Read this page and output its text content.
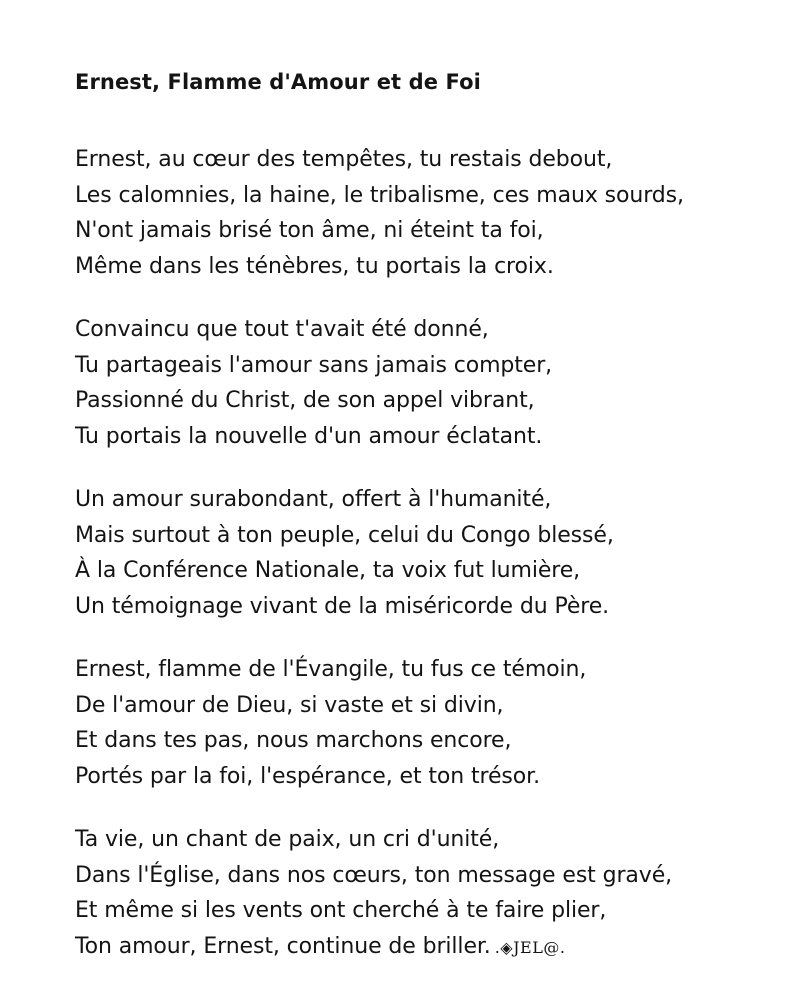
Ernest, Flamme d'Amour et de Foi
Ernest, au cœur des tempêtes, tu restais debout,
Les calomnies, la haine, le tribalisme, ces maux sourds,
N'ont jamais brisé ton âme, ni éteint ta foi,
Même dans les ténèbres, tu portais la croix.
Convaincu que tout t'avait été donné,
Tu partageais l'amour sans jamais compter,
Passionné du Christ, de son appel vibrant,
Tu portais la nouvelle d'un amour éclatant.
Un amour surabondant, offert à l'humanité,
Mais surtout à ton peuple, celui du Congo blessé,
À la Conférence Nationale, ta voix fut lumière,
Un témoignage vivant de la miséricorde du Père.
Ernest, flamme de l'Évangile, tu fus ce témoin,
De l'amour de Dieu, si vaste et si divin,
Et dans tes pas, nous marchons encore,
Portés par la foi, l'espérance, et ton trésor.
Ta vie, un chant de paix, un cri d'unité,
Dans l'Église, dans nos cœurs, ton message est gravé,
Et même si les vents ont cherché à te faire plier,
Ton amour, Ernest, continue de briller. .◈JEL@.
